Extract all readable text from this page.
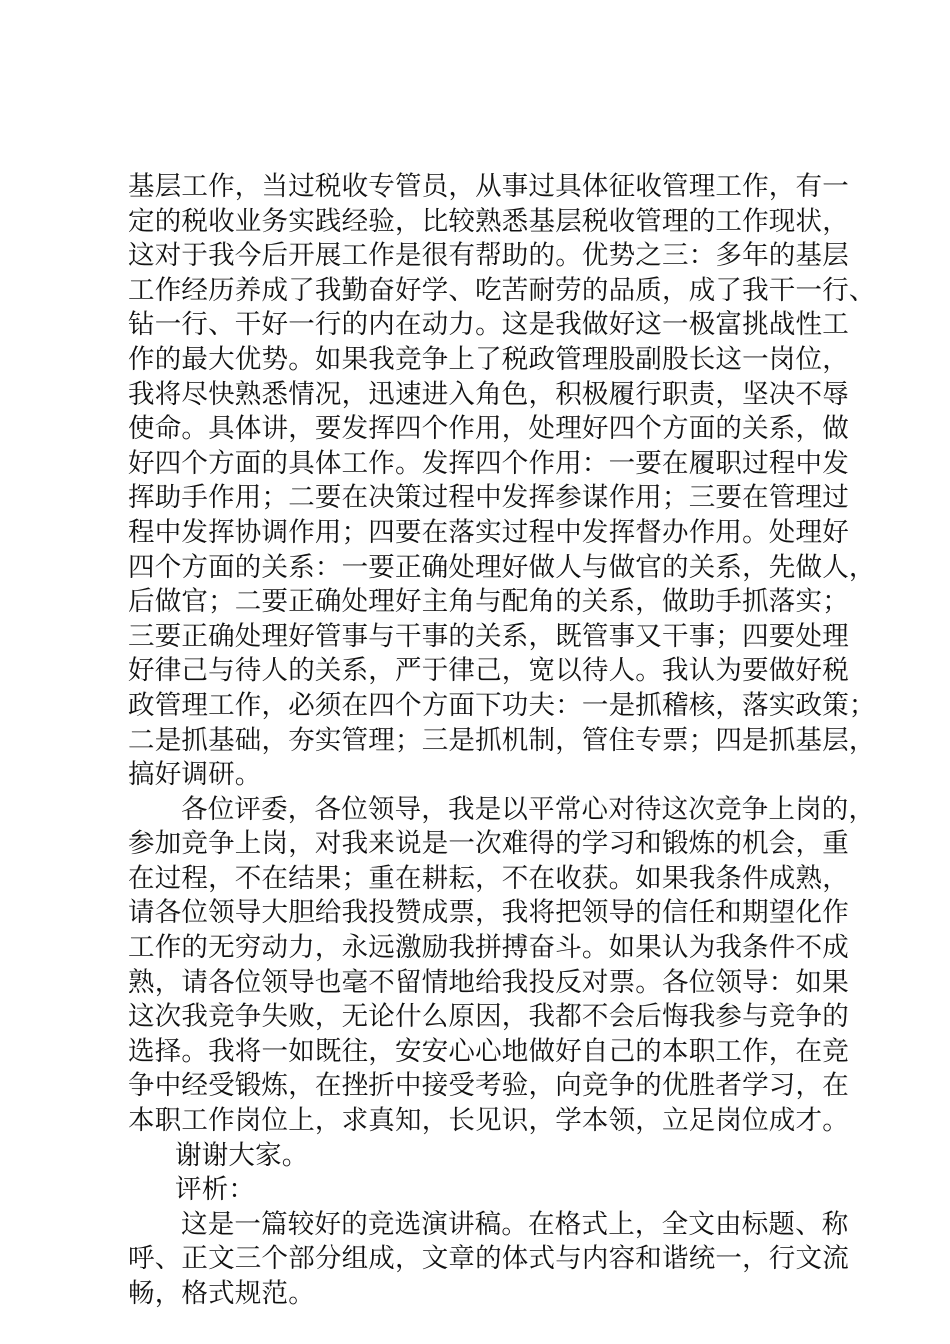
基层工作，当过税收专管员，从事过具体征收管理工作，有一
定的税收业务实践经验，比较熟悉基层税收管理的工作现状，
这对于我今后开展工作是很有帮助的。优势之三：多年的基层
工作经历养成了我勤奋好学、吃苦耐劳的品质，成了我干一行、
钻一行、干好一行的内在动力。这是我做好这一极富挑战性工
作的最大优势。如果我竞争上了税政管理股副股长这一岗位，
我将尽快熟悉情况，迅速进入角色，积极履行职责，坚决不辱
使命。具体讲，要发挥四个作用，处理好四个方面的关系，做
好四个方面的具体工作。发挥四个作用：一要在履职过程中发
挥助手作用；二要在决策过程中发挥参谋作用；三要在管理过
程中发挥协调作用；四要在落实过程中发挥督办作用。处理好
四个方面的关系：一要正确处理好做人与做官的关系，先做人，
后做官；二要正确处理好主角与配角的关系，做助手抓落实；
三要正确处理好管事与干事的关系，既管事又干事；四要处理
好律己与待人的关系，严于律己，宽以待人。我认为要做好税
政管理工作，必须在四个方面下功夫：一是抓稽核，落实政策；
二是抓基础，夯实管理；三是抓机制，管住专票；四是抓基层，
搞好调研。
各位评委，各位领导，我是以平常心对待这次竞争上岗的，
参加竞争上岗，对我来说是一次难得的学习和锻炼的机会，重
在过程，不在结果；重在耕耘，不在收获。如果我条件成熟，
请各位领导大胆给我投赞成票，我将把领导的信任和期望化作
工作的无穷动力，永远激励我拼搏奋斗。如果认为我条件不成
熟，请各位领导也毫不留情地给我投反对票。各位领导：如果
这次我竞争失败，无论什么原因，我都不会后悔我参与竞争的
选择。我将一如既往，安安心心地做好自己的本职工作，在竞
争中经受锻炼，在挫折中接受考验，向竞争的优胜者学习，在
本职工作岗位上，求真知，长见识，学本领，立足岗位成才。
谢谢大家。
评析：
这是一篇较好的竞选演讲稿。在格式上，全文由标题、称
呼、正文三个部分组成，文章的体式与内容和谐统一，行文流
畅，格式规范。
